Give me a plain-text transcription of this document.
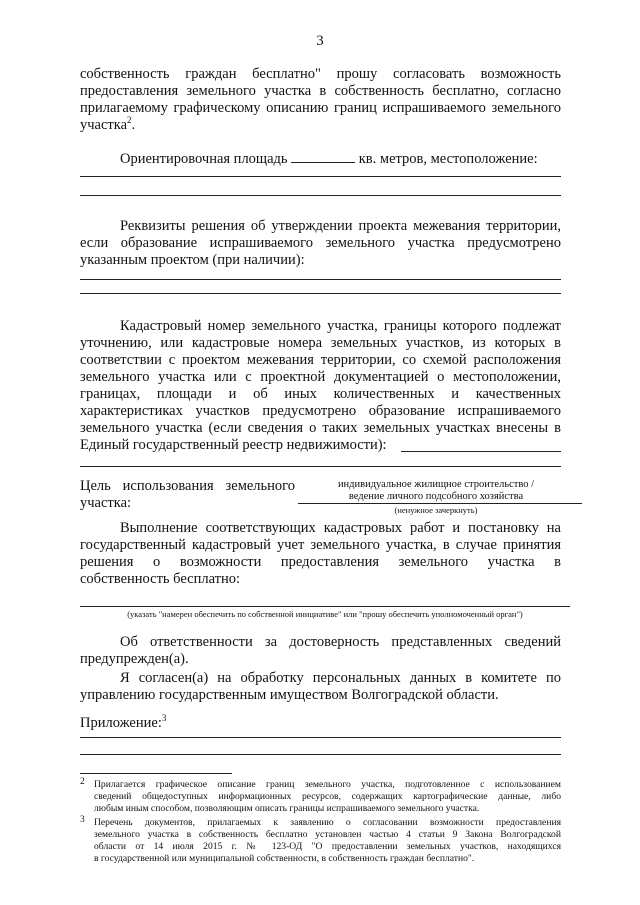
3
собственность граждан бесплатно" прошу согласовать возможность
предоставления земельного участка в собственность бесплатно, согласно
прилагаемому графическому описанию границ испрашиваемого земельного
участка$^2$.
Ориентировочная площадь	кв. метров, местоположение:
Реквизиты решения об утверждении проекта межевания территории,
если образование испрашиваемого земельного участка предусмотрено
указанным проектом (при наличии):
Кадастровый номер земельного участка, границы которого подлежат
уточнению, или кадастровые номера земельных участков, из которых в
соответствии с проектом межевания территории, со схемой расположения
земельного участка или с проектной документацией о местоположении,
границах, площади и об иных количественных и качественных
характеристиках участков предусмотрено образование испрашиваемого
земельного участка (если сведения о таких земельных участках внесены в
Единый государственный реестр недвижимости):
Цель использования земельного
участка:
индивидуальное жилищное строительство /
ведение личного подсобного хозяйства
(ненужное зачеркнуть)
Выполнение соответствующих кадастровых работ и постановку на
государственный кадастровый учет земельного участка, в случае принятия
решения о возможности предоставления земельного участка в
собственность бесплатно:
(указать "намерен обеспечить по собственной инициативе" или "прошу обеспечить уполномоченный орган")
Об ответственности за достоверность представленных сведений
предупрежден(а).
Я согласен(а) на обработку персональных данных в комитете по
управлению государственным имуществом Волгоградской области.
Приложение:$^3$
2 Прилагается графическое описание границ земельного участка, подготовленное с использованием
сведений общедоступных информационных ресурсов, содержащих картографические данные, либо
любым иным способом, позволяющим описать границы испрашиваемого земельного участка.
3 Перечень документов, прилагаемых к заявлению о согласовании возможности предоставления
земельного участка в собственность бесплатно установлен частью 4 статьи 9 Закона Волгоградской
области от 14 июля 2015 г. № 123-ОД "О предоставлении земельных участков, находящихся
в государственной или муниципальной собственности, в собственность граждан бесплатно".
